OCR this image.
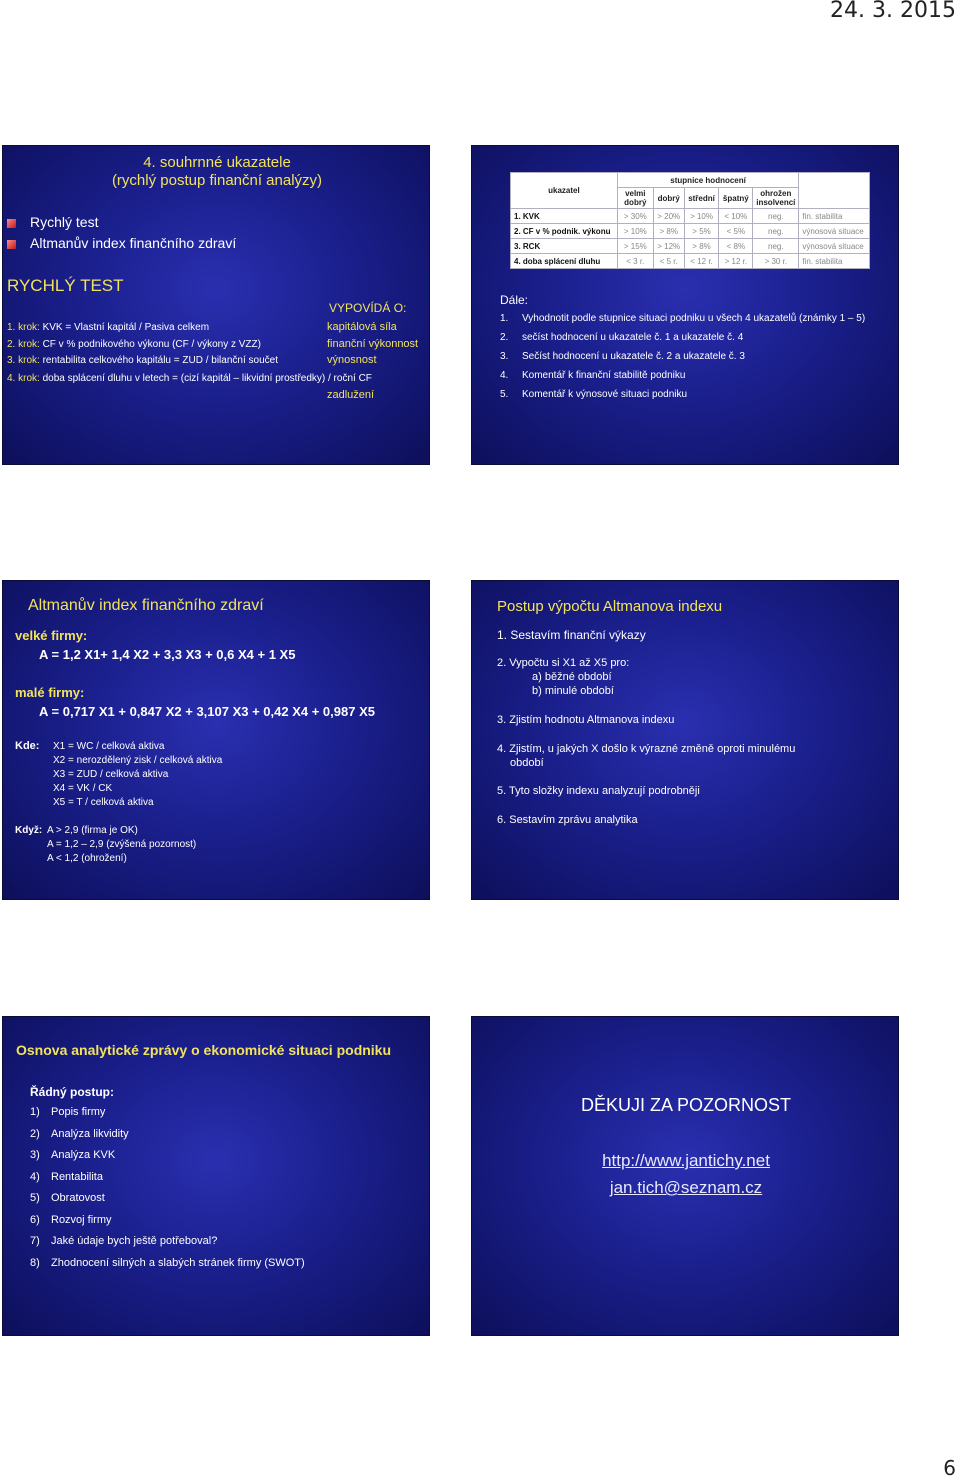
24. 3. 2015
4. souhrnné ukazatele
(rychlý postup finanční analýzy)
Rychlý test
Altmanův index finančního zdraví
RYCHLÝ TEST
VYPOVÍDÁ O:
1. krok: KVK = Vlastní kapitál / Pasiva celkem	kapitálová síla
2. krok: CF v % podnikového výkonu (CF / výkony z VZZ)	finanční výkonnost
3. krok: rentabilita celkového kapitálu = ZUD / bilanční součet	výnosnost
4. krok: doba splácení dluhu v letech = (cizí kapitál – likvidní prostředky) / roční CF
zadlužení
ukazatel	stupnice hodnocení					
	velmi dobrý	dobrý	střední	špatný	ohrožen insolvencí	
1. KVK	> 30%	> 20%	> 10%	< 10%	neg.	fin. stabilita
2. CF v % podnik. výkonu	> 10%	> 8%	> 5%	< 5%	neg.	výnosová situace
3. RCK	> 15%	> 12%	> 8%	< 8%	neg.	výnosová situace
4. doba splácení dluhu	< 3 r.	< 5 r.	< 12 r.	> 12 r.	> 30 r.	fin. stabilita
Dále:
1. Vyhodnotit podle stupnice situaci podniku u všech 4 ukazatelů (známky 1 – 5)
2. sečíst hodnocení u ukazatele č. 1 a ukazatele č. 4
3. Sečíst hodnocení u ukazatele č. 2 a ukazatele č. 3
4. Komentář k finanční stabilitě podniku
5. Komentář k výnosové situaci podniku
Altmanův index finančního zdraví
velké firmy:
A = 1,2 X1+ 1,4 X2 + 3,3 X3 + 0,6 X4 + 1 X5
malé firmy:
A = 0,717 X1 + 0,847 X2 + 3,107 X3 + 0,42 X4 + 0,987 X5
Kde: X1 = WC / celková aktiva
X2 = nerozdělený zisk / celková aktiva
X3 = ZUD / celková aktiva
X4 = VK / CK
X5 = T / celková aktiva
Když: A > 2,9 (firma je OK)
A = 1,2 – 2,9 (zvýšená pozornost)
A < 1,2 (ohrožení)
Postup výpočtu Altmanova indexu
1. Sestavím finanční výkazy
2. Vypočtu si X1 až X5 pro:
a) běžné období
b) minulé období
3. Zjistím hodnotu Altmanova indexu
4. Zjistím, u jakých X došlo k výrazné změně oproti minulému
období
5. Tyto složky indexu analyzují podrobněji
6. Sestavím zprávu analytika
Osnova analytické zprávy o ekonomické situaci podniku
Řádný postup:
1) Popis firmy
2) Analýza likvidity
3) Analýza KVK
4) Rentabilita
5) Obratovost
6) Rozvoj firmy
7) Jaké údaje bych ještě potřeboval?
8) Zhodnocení silných a slabých stránek firmy (SWOT)
DĚKUJI ZA POZORNOST
http://www.jantichy.net
jan.tich@seznam.cz
6
